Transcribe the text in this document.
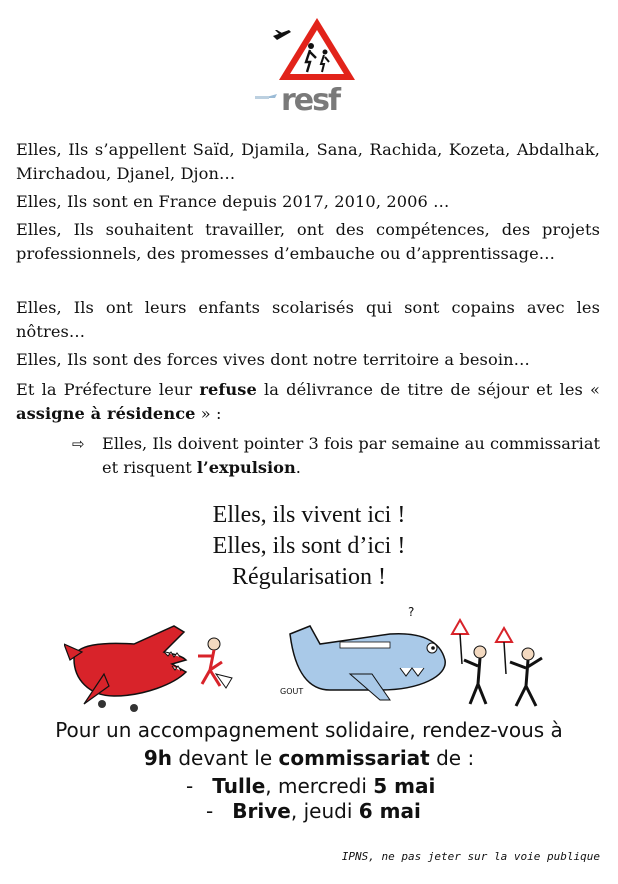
resf
Elles, Ils s’appellent Saïd, Djamila, Sana, Rachida, Kozeta, Abdalhak, Mirchadou, Djanel, Djon…
Elles, Ils sont en France depuis 2017, 2010, 2006 …
Elles, Ils souhaitent travailler, ont des compétences, des projets professionnels, des promesses d’embauche ou d’apprentissage…
Elles, Ils ont leurs enfants scolarisés qui sont copains avec les nôtres…
Elles, Ils sont des forces vives dont notre territoire a besoin…
Et la Préfecture leur refuse la délivrance de titre de séjour et les « assigne à résidence » :
⇨ Elles, Ils doivent pointer 3 fois par semaine au commissariat et risquent l’expulsion.
Elles, ils vivent ici !
Elles, ils sont d’ici !
Régularisation !
?
GOUT
Pour un accompagnement solidaire, rendez-vous à
9h devant le commissariat de :
- Tulle, mercredi 5 mai
- Brive, jeudi 6 mai
IPNS, ne pas jeter sur la voie publique
